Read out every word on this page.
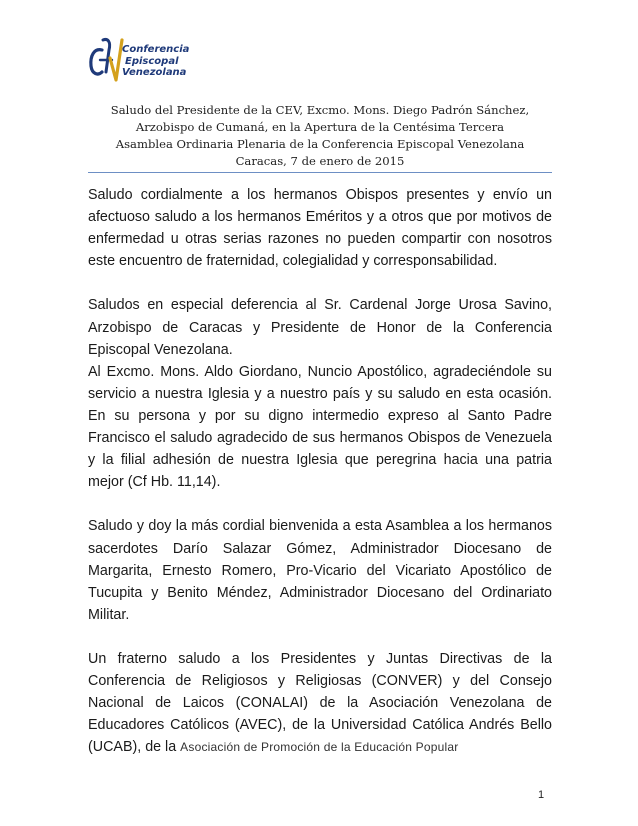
Conferencia
Episcopal
Venezolana
Saludo del Presidente de la CEV, Excmo. Mons. Diego Padrón Sánchez,
Arzobispo de Cumaná, en la Apertura de la Centésima Tercera
Asamblea Ordinaria Plenaria de la Conferencia Episcopal Venezolana
Caracas, 7 de enero de 2015
Saludo cordialmente a los hermanos Obispos presentes y envío un afectuoso saludo a los hermanos Eméritos y a otros que por motivos de enfermedad u otras serias razones no pueden compartir con nosotros este encuentro de fraternidad, colegialidad y corresponsabilidad.
Saludos en especial deferencia al Sr. Cardenal Jorge Urosa Savino, Arzobispo de Caracas y Presidente de Honor de la Conferencia Episcopal Venezolana.
Al Excmo. Mons. Aldo Giordano, Nuncio Apostólico, agradeciéndole su servicio a nuestra Iglesia y a nuestro país y su saludo en esta ocasión. En su persona y por su digno intermedio expreso al Santo Padre Francisco el saludo agradecido de sus hermanos Obispos de Venezuela y la filial adhesión de nuestra Iglesia que peregrina hacia una patria mejor (Cf Hb. 11,14).
Saludo y doy la más cordial bienvenida a esta Asamblea a los hermanos sacerdotes Darío Salazar Gómez, Administrador Diocesano de Margarita, Ernesto Romero, Pro-Vicario del Vicariato Apostólico de Tucupita y Benito Méndez, Administrador Diocesano del Ordinariato Militar.
Un fraterno saludo a los Presidentes y Juntas Directivas de la Conferencia de Religiosos y Religiosas (CONVER) y del Consejo Nacional de Laicos (CONALAI) de la Asociación Venezolana de Educadores Católicos (AVEC), de la Universidad Católica Andrés Bello (UCAB), de la Asociación de Promoción de la Educación Popular
1
